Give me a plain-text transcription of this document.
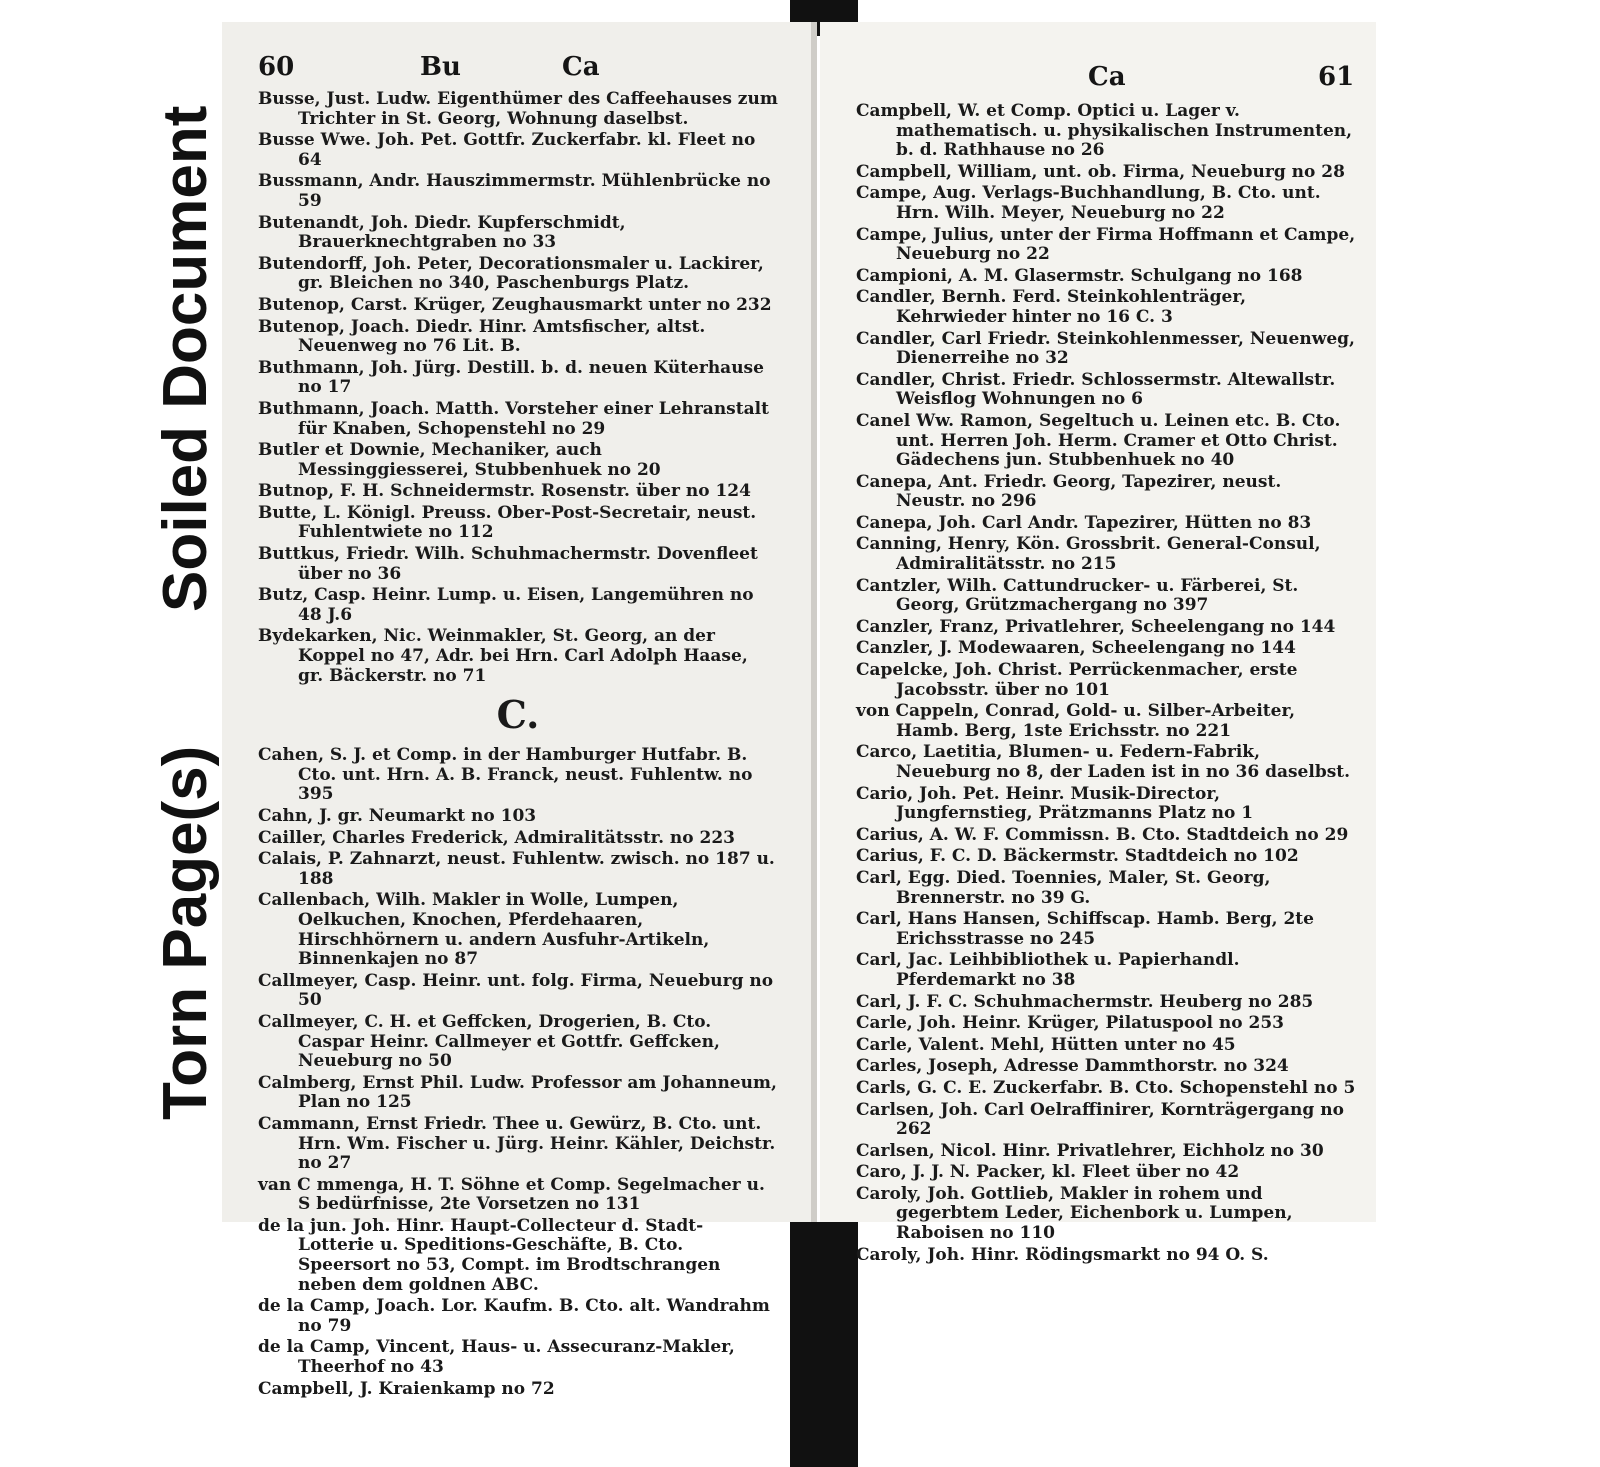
Soiled Document
Torn Page(s)
60	Bu	Ca
Busse, Just. Ludw. Eigenthümer des Caffeehauses zum Trichter in St. Georg, Wohnung daselbst.
Busse Wwe. Joh. Pet. Gottfr. Zuckerfabr. kl. Fleet no 64
Bussmann, Andr. Hauszimmermstr. Mühlenbrücke no 59
Butenandt, Joh. Diedr. Kupferschmidt, Brauerknechtgraben no 33
Butendorff, Joh. Peter, Decorationsmaler u. Lackirer, gr. Bleichen no 340, Paschenburgs Platz.
Butenop, Carst. Krüger, Zeughausmarkt unter no 232
Butenop, Joach. Diedr. Hinr. Amtsfischer, altst. Neuenweg no 76 Lit. B.
Buthmann, Joh. Jürg. Destill. b. d. neuen Küterhause no 17
Buthmann, Joach. Matth. Vorsteher einer Lehranstalt für Knaben, Schopenstehl no 29
Butler et Downie, Mechaniker, auch Messinggiesserei, Stubbenhuek no 20
Butnop, F. H. Schneidermstr. Rosenstr. über no 124
Butte, L. Königl. Preuss. Ober-Post-Secretair, neust. Fuhlentwiete no 112
Buttkus, Friedr. Wilh. Schuhmachermstr. Dovenfleet über no 36
Butz, Casp. Heinr. Lump. u. Eisen, Langemühren no 48 J.6
Bydekarken, Nic. Weinmakler, St. Georg, an der Koppel no 47, Adr. bei Hrn. Carl Adolph Haase, gr. Bäckerstr. no 71
C.
Cahen, S. J. et Comp. in der Hamburger Hutfabr. B. Cto. unt. Hrn. A. B. Franck, neust. Fuhlentw. no 395
Cahn, J. gr. Neumarkt no 103
Cailler, Charles Frederick, Admiralitätsstr. no 223
Calais, P. Zahnarzt, neust. Fuhlentw. zwisch. no 187 u. 188
Callenbach, Wilh. Makler in Wolle, Lumpen, Oelkuchen, Knochen, Pferdehaaren, Hirschhörnern u. andern Ausfuhr-Artikeln, Binnenkajen no 87
Callmeyer, Casp. Heinr. unt. folg. Firma, Neueburg no 50
Callmeyer, C. H. et Geffcken, Drogerien, B. Cto. Caspar Heinr. Callmeyer et Gottfr. Geffcken, Neueburg no 50
Calmberg, Ernst Phil. Ludw. Professor am Johanneum, Plan no 125
Cammann, Ernst Friedr. Thee u. Gewürz, B. Cto. unt. Hrn. Wm. Fischer u. Jürg. Heinr. Kähler, Deichstr. no 27
van C mmenga, H. T. Söhne et Comp. Segelmacher u. S bedürfnisse, 2te Vorsetzen no 131
de la jun. Joh. Hinr. Haupt-Collecteur d. Stadt-Lotterie u. Speditions-Geschäfte, B. Cto. Speersort no 53, Compt. im Brodtschrangen neben dem goldnen ABC.
de la Camp, Joach. Lor. Kaufm. B. Cto. alt. Wandrahm no 79
de la Camp, Vincent, Haus- u. Assecuranz-Makler, Theerhof no 43
Campbell, J. Kraienkamp no 72
Ca	61
Campbell, W. et Comp. Optici u. Lager v. mathematisch. u. physikalischen Instrumenten, b. d. Rathhause no 26
Campbell, William, unt. ob. Firma, Neueburg no 28
Campe, Aug. Verlags-Buchhandlung, B. Cto. unt. Hrn. Wilh. Meyer, Neueburg no 22
Campe, Julius, unter der Firma Hoffmann et Campe, Neueburg no 22
Campioni, A. M. Glasermstr. Schulgang no 168
Candler, Bernh. Ferd. Steinkohlenträger, Kehrwieder hinter no 16 C. 3
Candler, Carl Friedr. Steinkohlenmesser, Neuenweg, Dienerreihe no 32
Candler, Christ. Friedr. Schlossermstr. Altewallstr. Weisflog Wohnungen no 6
Canel Ww. Ramon, Segeltuch u. Leinen etc. B. Cto. unt. Herren Joh. Herm. Cramer et Otto Christ. Gädechens jun. Stubbenhuek no 40
Canepa, Ant. Friedr. Georg, Tapezirer, neust. Neustr. no 296
Canepa, Joh. Carl Andr. Tapezirer, Hütten no 83
Canning, Henry, Kön. Grossbrit. General-Consul, Admiralitätsstr. no 215
Cantzler, Wilh. Cattundrucker- u. Färberei, St. Georg, Grützmachergang no 397
Canzler, Franz, Privatlehrer, Scheelengang no 144
Canzler, J. Modewaaren, Scheelengang no 144
Capelcke, Joh. Christ. Perrückenmacher, erste Jacobsstr. über no 101
von Cappeln, Conrad, Gold- u. Silber-Arbeiter, Hamb. Berg, 1ste Erichsstr. no 221
Carco, Laetitia, Blumen- u. Federn-Fabrik, Neueburg no 8, der Laden ist in no 36 daselbst.
Cario, Joh. Pet. Heinr. Musik-Director, Jungfernstieg, Prätzmanns Platz no 1
Carius, A. W. F. Commissn. B. Cto. Stadtdeich no 29
Carius, F. C. D. Bäckermstr. Stadtdeich no 102
Carl, Egg. Died. Toennies, Maler, St. Georg, Brennerstr. no 39 G.
Carl, Hans Hansen, Schiffscap. Hamb. Berg, 2te Erichsstrasse no 245
Carl, Jac. Leihbibliothek u. Papierhandl. Pferdemarkt no 38
Carl, J. F. C. Schuhmachermstr. Heuberg no 285
Carle, Joh. Heinr. Krüger, Pilatuspool no 253
Carle, Valent. Mehl, Hütten unter no 45
Carles, Joseph, Adresse Dammthorstr. no 324
Carls, G. C. E. Zuckerfabr. B. Cto. Schopenstehl no 5
Carlsen, Joh. Carl Oelraffinirer, Kornträgergang no 262
Carlsen, Nicol. Hinr. Privatlehrer, Eichholz no 30
Caro, J. J. N. Packer, kl. Fleet über no 42
Caroly, Joh. Gottlieb, Makler in rohem und gegerbtem Leder, Eichenbork u. Lumpen, Raboisen no 110
Caroly, Joh. Hinr. Rödingsmarkt no 94 O. S.
